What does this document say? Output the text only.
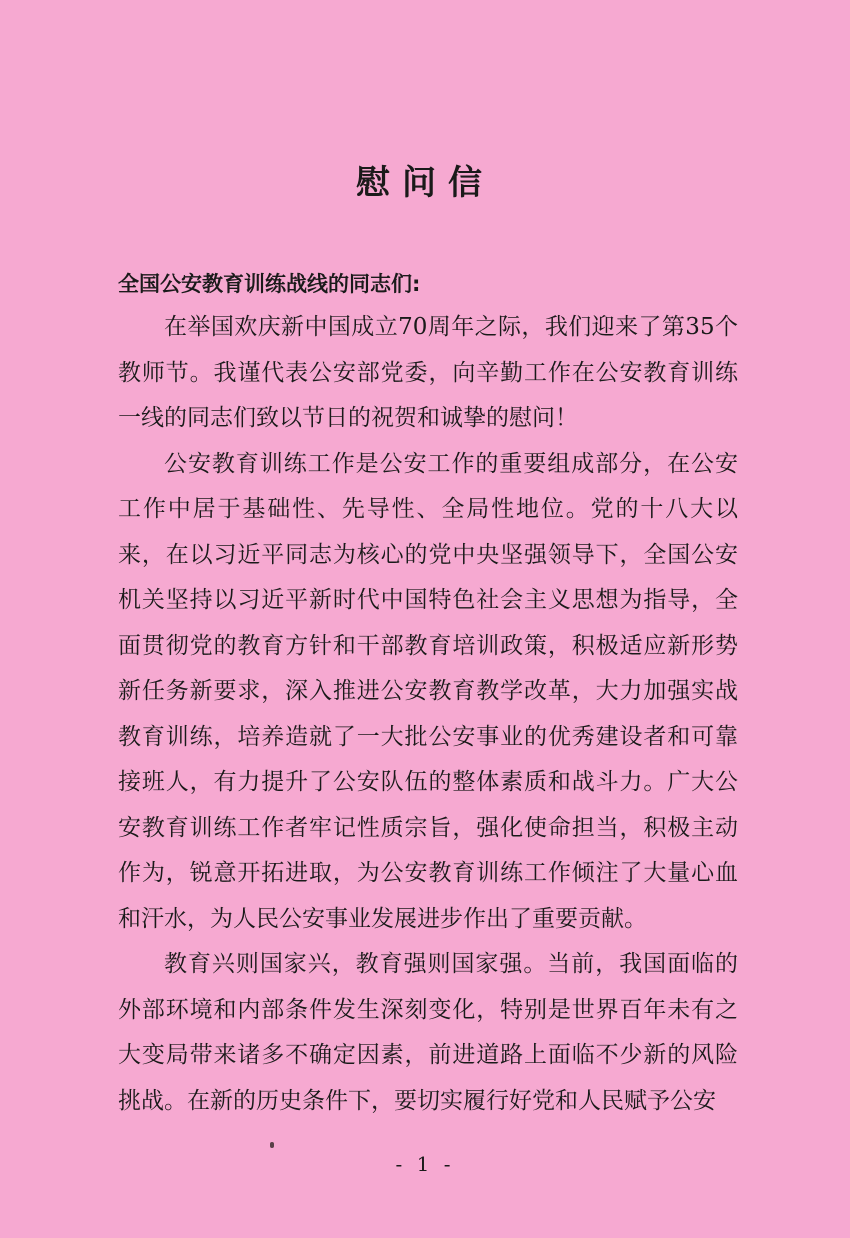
慰问信
全国公安教育训练战线的同志们:

在举国欢庆新中国成立70周年之际，我们迎来了第35个教师节。我谨代表公安部党委，向辛勤工作在公安教育训练一线的同志们致以节日的祝贺和诚挚的慰问！

公安教育训练工作是公安工作的重要组成部分，在公安工作中居于基础性、先导性、全局性地位。党的十八大以来，在以习近平同志为核心的党中央坚强领导下，全国公安机关坚持以习近平新时代中国特色社会主义思想为指导，全面贯彻党的教育方针和干部教育培训政策，积极适应新形势新任务新要求，深入推进公安教育教学改革，大力加强实战教育训练，培养造就了一大批公安事业的优秀建设者和可靠接班人，有力提升了公安队伍的整体素质和战斗力。广大公安教育训练工作者牢记性质宗旨，强化使命担当，积极主动作为，锐意开拓进取，为公安教育训练工作倾注了大量心血和汗水，为人民公安事业发展进步作出了重要贡献。

教育兴则国家兴，教育强则国家强。当前，我国面临的外部环境和内部条件发生深刻变化，特别是世界百年未有之大变局带来诸多不确定因素，前进道路上面临不少新的风险挑战。在新的历史条件下，要切实履行好党和人民赋予公安

- 1 -
